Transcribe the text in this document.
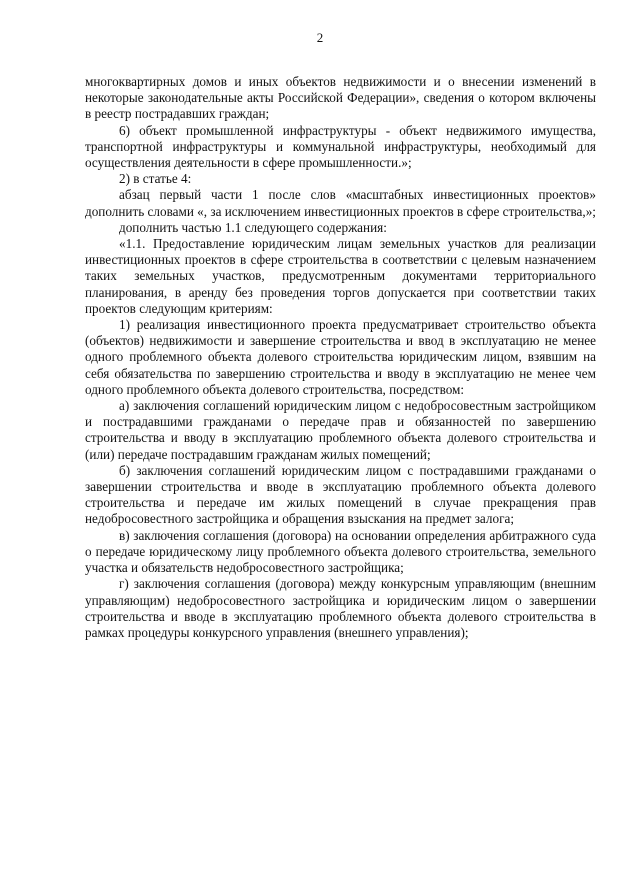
2

многоквартирных домов и иных объектов недвижимости и о внесении изменений в некоторые законодательные акты Российской Федерации», сведения о котором включены в реестр пострадавших граждан;

6) объект промышленной инфраструктуры - объект недвижимого имущества, транспортной инфраструктуры и коммунальной инфраструктуры, необходимый для осуществления деятельности в сфере промышленности.»;

2) в статье 4:

абзац первый части 1 после слов «масштабных инвестиционных проектов» дополнить словами «, за исключением инвестиционных проектов в сфере строительства,»;

дополнить частью 1.1 следующего содержания:

«1.1. Предоставление юридическим лицам земельных участков для реализации инвестиционных проектов в сфере строительства в соответствии с целевым назначением таких земельных участков, предусмотренным документами территориального планирования, в аренду без проведения торгов допускается при соответствии таких проектов следующим критериям:

1) реализация инвестиционного проекта предусматривает строительство объекта (объектов) недвижимости и завершение строительства и ввод в эксплуатацию не менее одного проблемного объекта долевого строительства юридическим лицом, взявшим на себя обязательства по завершению строительства и вводу в эксплуатацию не менее чем одного проблемного объекта долевого строительства, посредством:

а) заключения соглашений юридическим лицом с недобросовестным застройщиком и пострадавшими гражданами о передаче прав и обязанностей по завершению строительства и вводу в эксплуатацию проблемного объекта долевого строительства и (или) передаче пострадавшим гражданам жилых помещений;

б) заключения соглашений юридическим лицом с пострадавшими гражданами о завершении строительства и вводе в эксплуатацию проблемного объекта долевого строительства и передаче им жилых помещений в случае прекращения прав недобросовестного застройщика и обращения взыскания на предмет залога;

в) заключения соглашения (договора) на основании определения арбитражного суда о передаче юридическому лицу проблемного объекта долевого строительства, земельного участка и обязательств недобросовестного застройщика;

г) заключения соглашения (договора) между конкурсным управляющим (внешним управляющим) недобросовестного застройщика и юридическим лицом о завершении строительства и вводе в эксплуатацию проблемного объекта долевого строительства в рамках процедуры конкурсного управления (внешнего управления);
